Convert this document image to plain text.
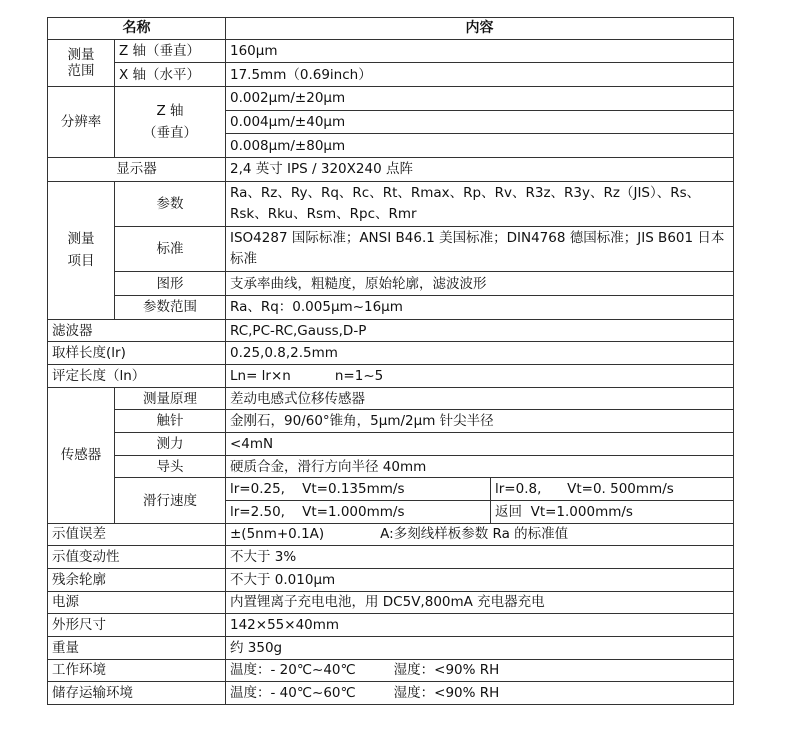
名称		内容	
测量
范围	Z 轴（垂直）	160µm	
	X 轴（水平）	17.5mm（0.69inch）	
分辨率	Z 轴
（垂直）	0.002µm/±20µm	
		0.004µm/±40µm	
		0.008µm/±80µm	
显示器		2,4 英寸 IPS / 320X240 点阵	
测量
项目	参数	Ra、Rz、Ry、Rq、Rc、Rt、Rmax、Rp、Rv、R3z、R3y、Rz（JIS）、Rs、Rsk、Rku、Rsm、Rpc、Rmr	
	标准	ISO4287 国际标准；ANSI B46.1 美国标准；DIN4768 德国标准；JIS B601 日本标准	
	图形	支承率曲线，粗糙度，原始轮廓，滤波波形	
	参数范围	Ra、Rq：0.005µm~16µm	
滤波器		RC,PC-RC,Gauss,D-P	
取样长度(lr)		0.25,0.8,2.5mm	
评定长度（ln）		Ln= lr×n n=1~5	
传感器	测量原理	差动电感式位移传感器	
	触针	金刚石，90/60°锥角，5µm/2µm 针尖半径	
	测力	<4mN	
	导头	硬质合金，滑行方向半径 40mm	
	滑行速度	lr=0.25,    Vt=0.135mm/s	lr=0.8,      Vt=0. 500mm/s
		lr=2.50,    Vt=1.000mm/s	返回  Vt=1.000mm/s
示值误差		±(5nm+0.1A) A:多刻线样板参数 Ra 的标准值	
示值变动性		不大于 3%	
残余轮廓		不大于 0.010µm	
电源		内置锂离子充电电池，用 DC5V,800mA 充电器充电	
外形尺寸		142×55×40mm	
重量		约 350g	
工作环境		温度：- 20℃~40℃ 湿度：<90% RH	
储存运输环境		温度：- 40℃~60℃ 湿度：<90% RH	
